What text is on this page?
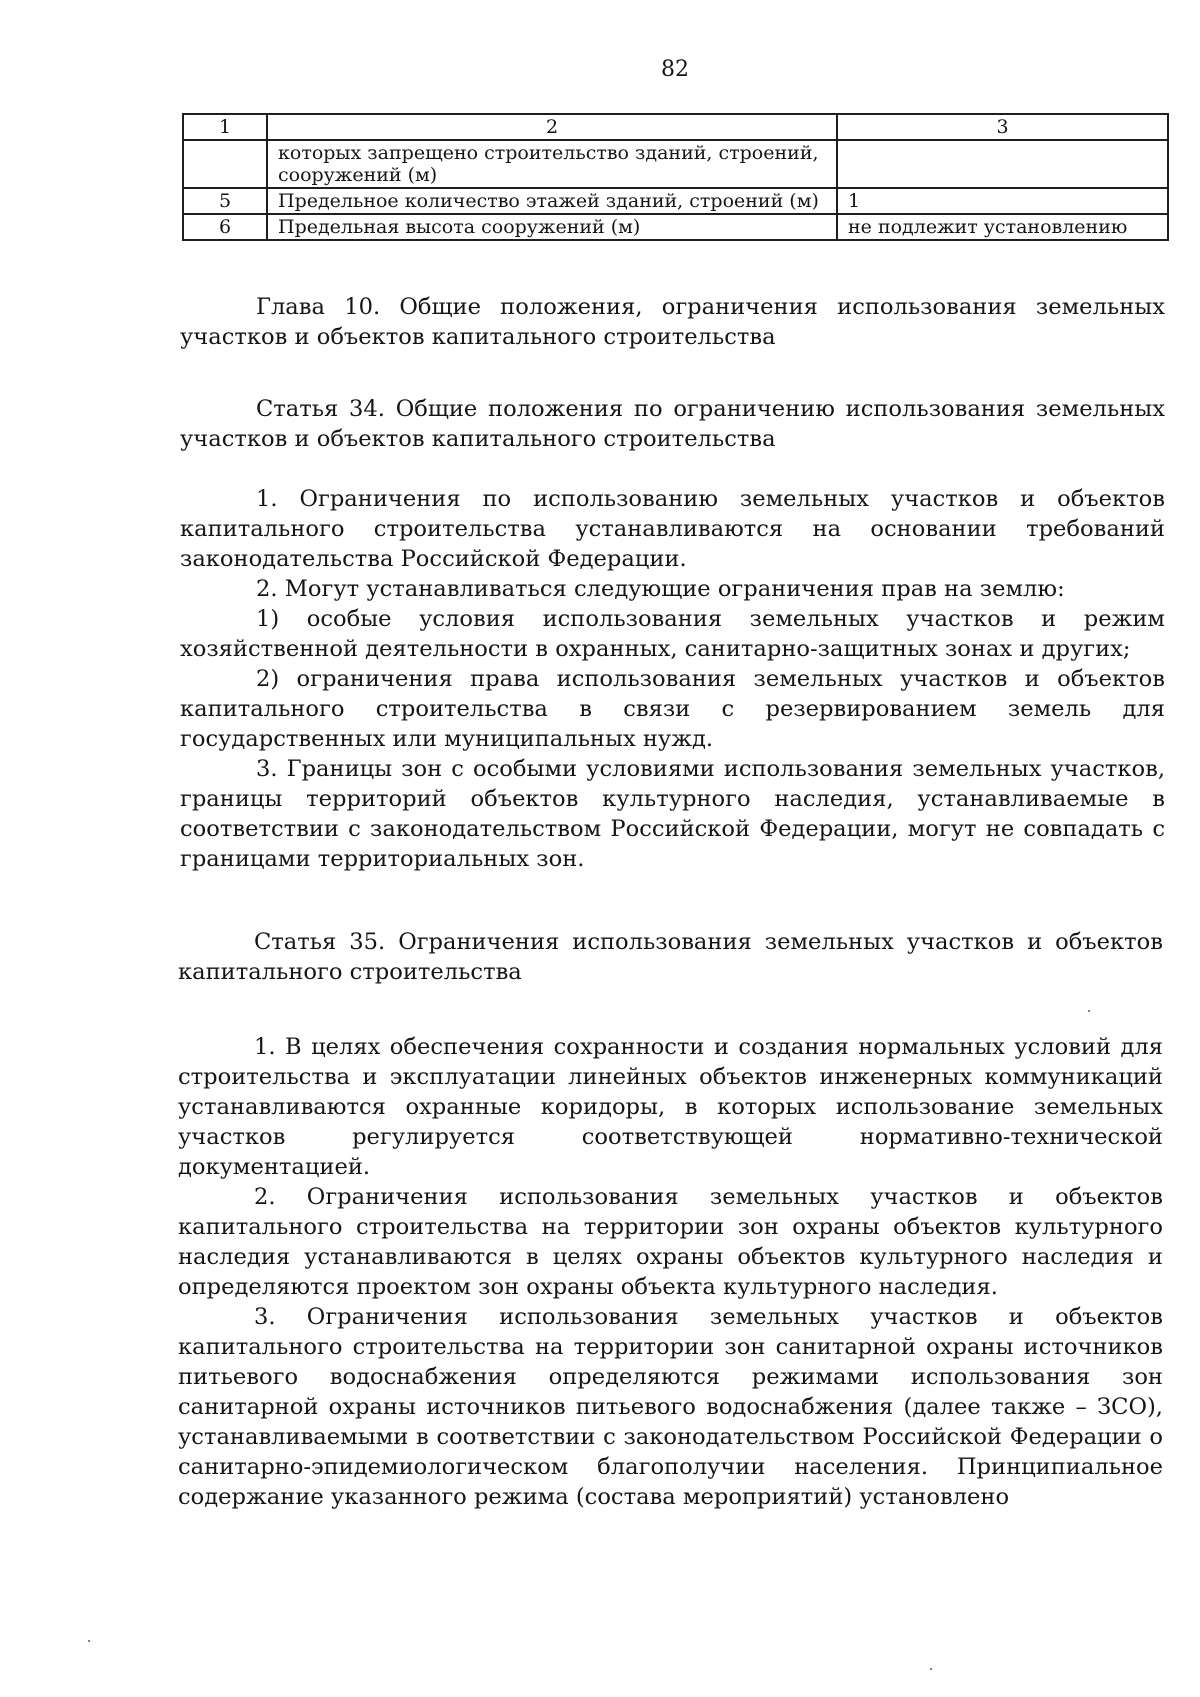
82
1	2	3
	которых запрещено строительство зданий, строений, сооружений (м)	
5	Предельное количество этажей зданий, строений (м)	1
6	Предельная высота сооружений (м)	не подлежит установлению

Глава 10. Общие положения, ограничения использования земельных участков и объектов капитального строительства

Статья 34. Общие положения по ограничению использования земельных участков и объектов капитального строительства

1. Ограничения по использованию земельных участков и объектов капитального строительства устанавливаются на основании требований законодательства Российской Федерации.

2. Могут устанавливаться следующие ограничения прав на землю:

1) особые условия использования земельных участков и режим хозяйственной деятельности в охранных, санитарно-защитных зонах и других;

2) ограничения права использования земельных участков и объектов капитального строительства в связи с резервированием земель для государственных или муниципальных нужд.

3. Границы зон с особыми условиями использования земельных участков, границы территорий объектов культурного наследия, устанавливаемые в соответствии с законодательством Российской Федерации, могут не совпадать с границами территориальных зон.

Статья 35. Ограничения использования земельных участков и объектов капитального строительства

1. В целях обеспечения сохранности и создания нормальных условий для строительства и эксплуатации линейных объектов инженерных коммуникаций устанавливаются охранные коридоры, в которых использование земельных участков регулируется соответствующей нормативно-технической документацией.

2. Ограничения использования земельных участков и объектов капитального строительства на территории зон охраны объектов культурного наследия устанавливаются в целях охраны объектов культурного наследия и определяются проектом зон охраны объекта культурного наследия.

3. Ограничения использования земельных участков и объектов капитального строительства на территории зон санитарной охраны источников питьевого водоснабжения определяются режимами использования зон санитарной охраны источников питьевого водоснабжения (далее также – ЗСО), устанавливаемыми в соответствии с законодательством Российской Федерации о санитарно-эпидемиологическом благополучии населения. Принципиальное содержание указанного режима (состава мероприятий) установлено
